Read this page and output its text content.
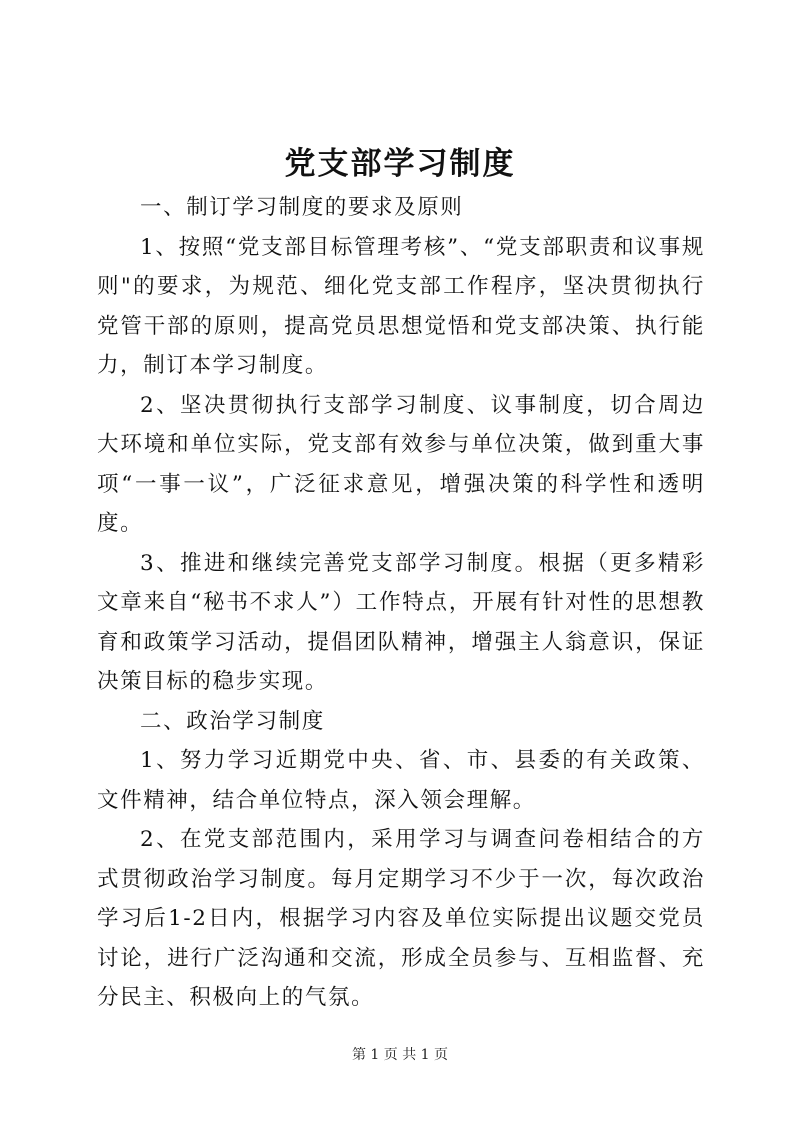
党支部学习制度

一、制订学习制度的要求及原则

1、按照“党支部目标管理考核”、“党支部职责和议事规则"的要求，为规范、细化党支部工作程序，坚决贯彻执行党管干部的原则，提高党员思想觉悟和党支部决策、执行能力，制订本学习制度。

2、坚决贯彻执行支部学习制度、议事制度，切合周边大环境和单位实际，党支部有效参与单位决策，做到重大事项“一事一议”，广泛征求意见，增强决策的科学性和透明度。

3、推进和继续完善党支部学习制度。根据（更多精彩文章来自“秘书不求人”）工作特点，开展有针对性的思想教育和政策学习活动，提倡团队精神，增强主人翁意识，保证决策目标的稳步实现。

二、政治学习制度

1、努力学习近期党中央、省、市、县委的有关政策、文件精神，结合单位特点，深入领会理解。

2、在党支部范围内，采用学习与调查问卷相结合的方式贯彻政治学习制度。每月定期学习不少于一次，每次政治学习后1-2日内，根据学习内容及单位实际提出议题交党员讨论，进行广泛沟通和交流，形成全员参与、互相监督、充分民主、积极向上的气氛。

第 1 页 共 1 页
